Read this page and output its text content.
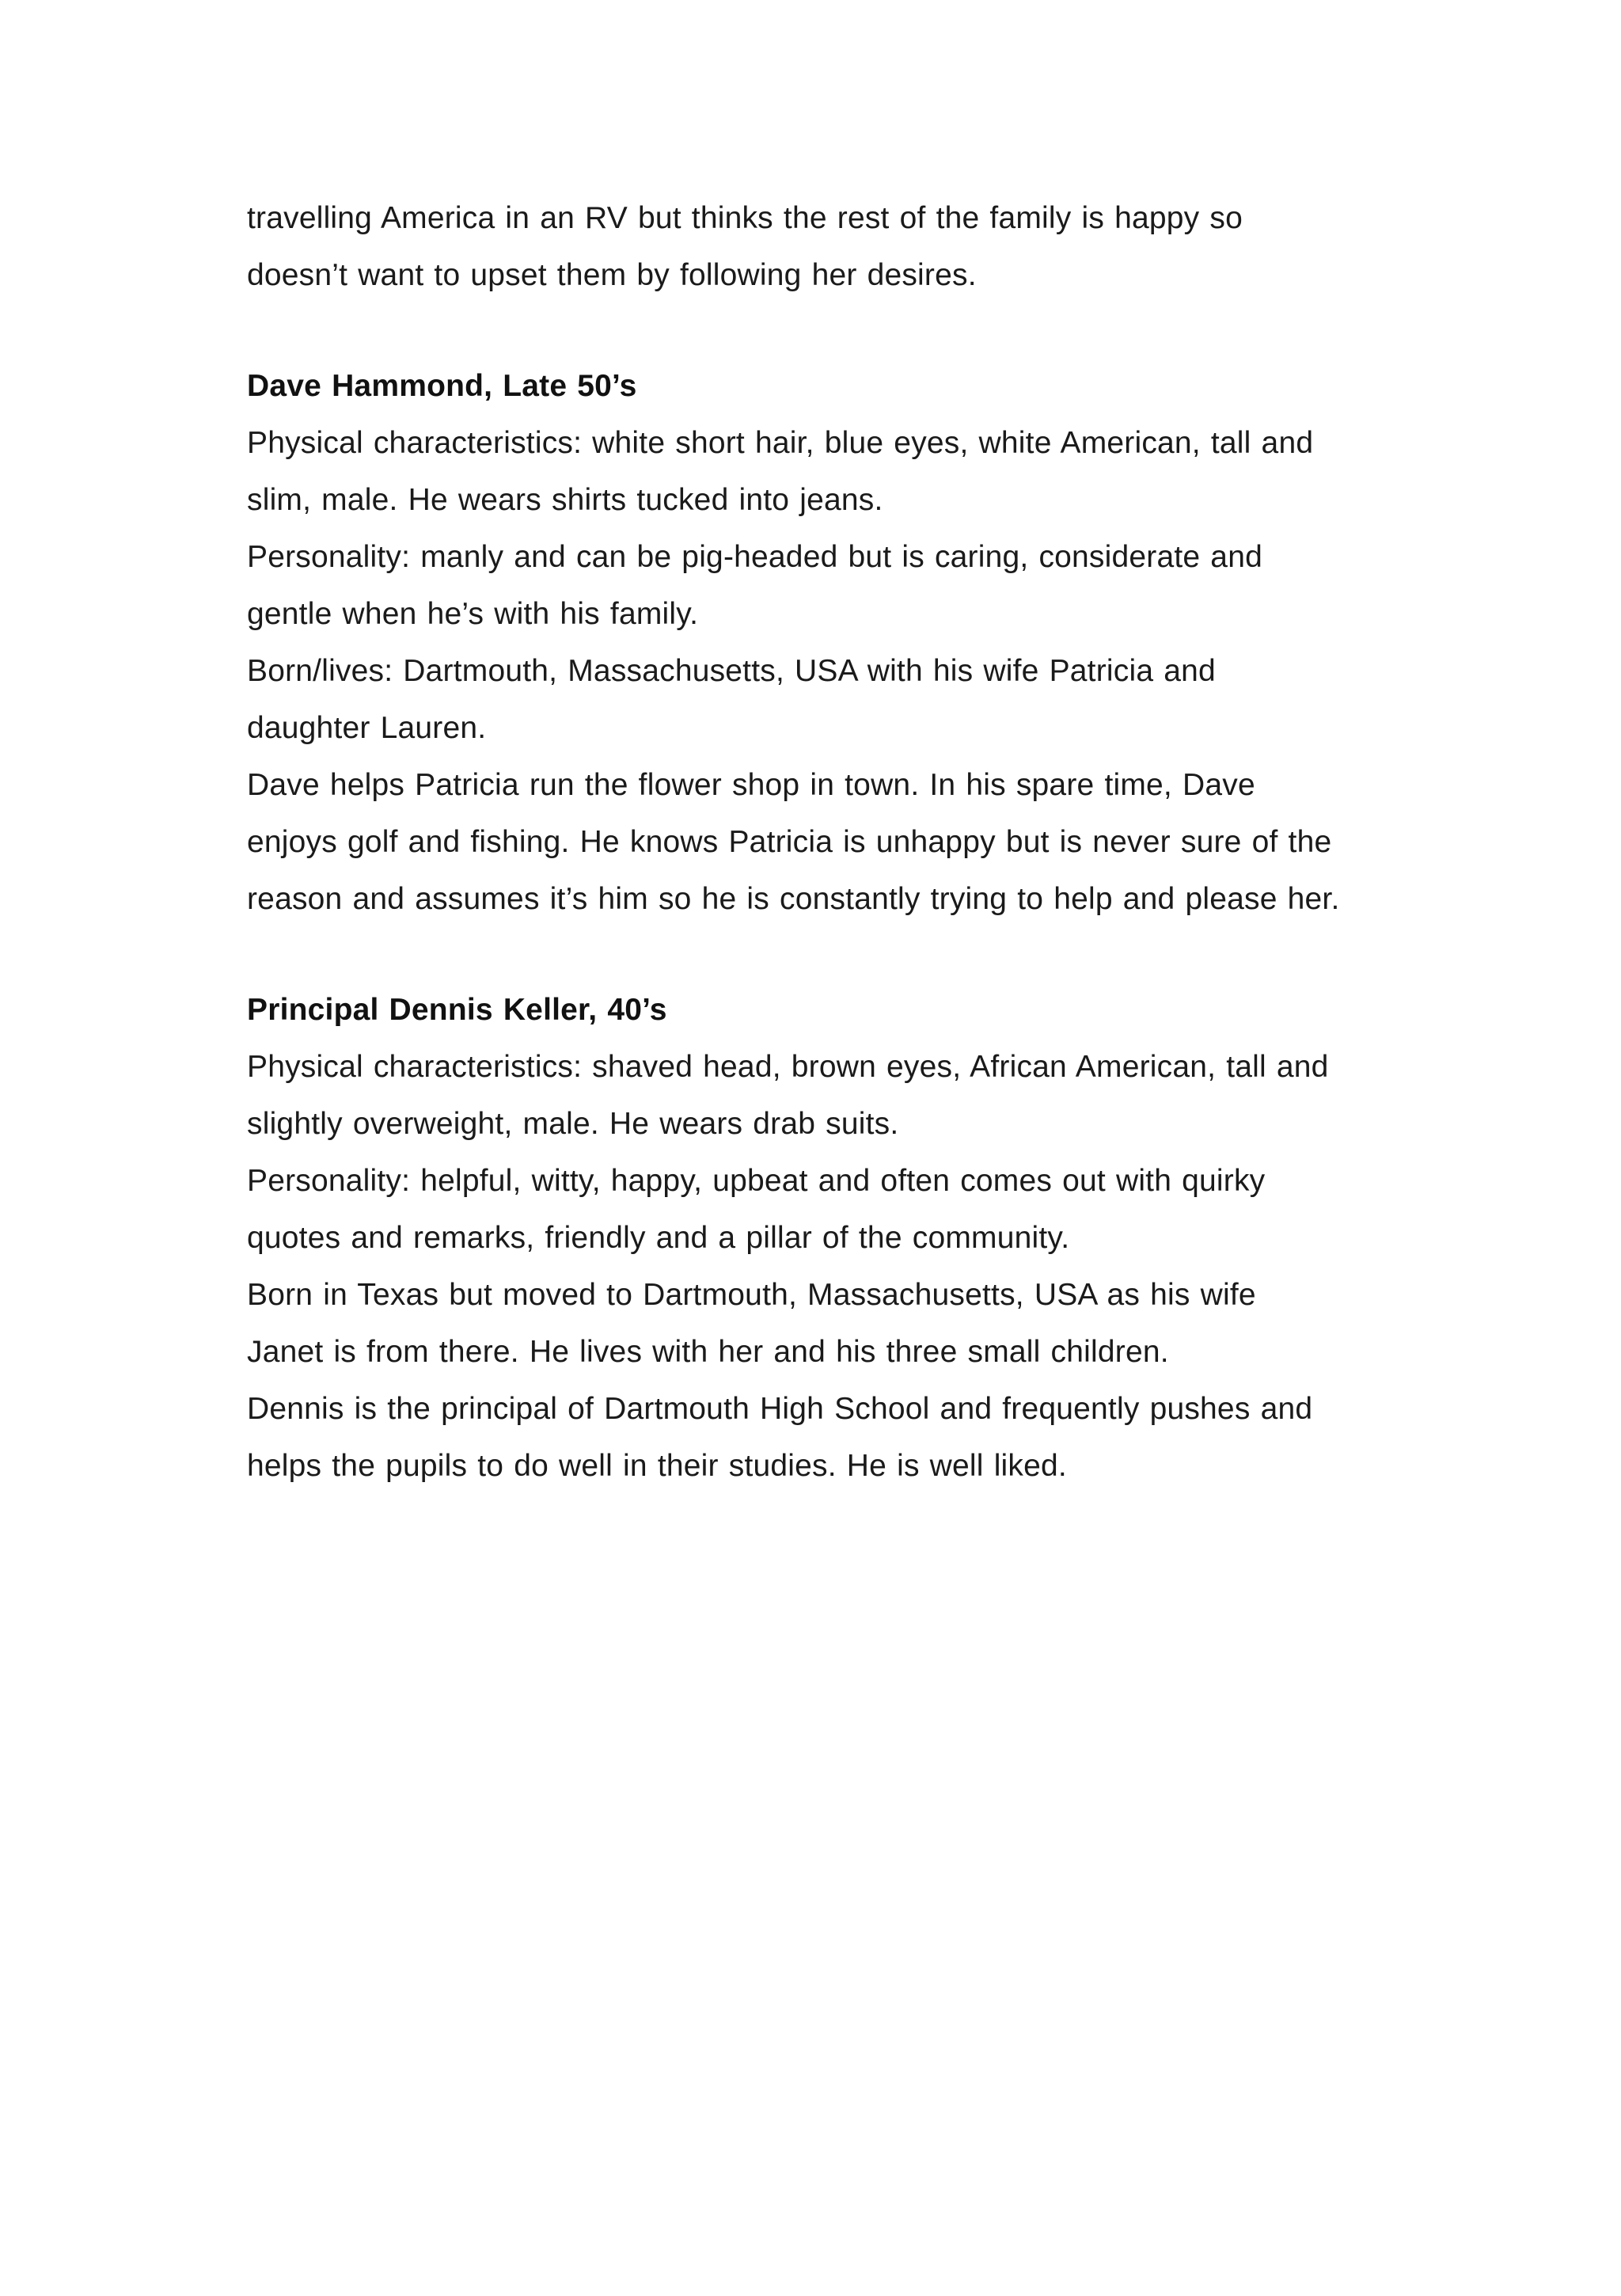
travelling America in an RV but thinks the rest of the family is happy so
doesn’t want to upset them by following her desires.
Dave Hammond, Late 50’s
Physical characteristics: white short hair, blue eyes, white American, tall and
slim, male. He wears shirts tucked into jeans.
Personality: manly and can be pig-headed but is caring, considerate and
gentle when he’s with his family.
Born/lives: Dartmouth, Massachusetts, USA with his wife Patricia and
daughter Lauren.
Dave helps Patricia run the flower shop in town. In his spare time, Dave
enjoys golf and fishing. He knows Patricia is unhappy but is never sure of the
reason and assumes it’s him so he is constantly trying to help and please her.
Principal Dennis Keller, 40’s
Physical characteristics: shaved head, brown eyes, African American, tall and
slightly overweight, male. He wears drab suits.
Personality: helpful, witty, happy, upbeat and often comes out with quirky
quotes and remarks, friendly and a pillar of the community.
Born in Texas but moved to Dartmouth, Massachusetts, USA as his wife
Janet is from there. He lives with her and his three small children.
Dennis is the principal of Dartmouth High School and frequently pushes and
helps the pupils to do well in their studies. He is well liked.
